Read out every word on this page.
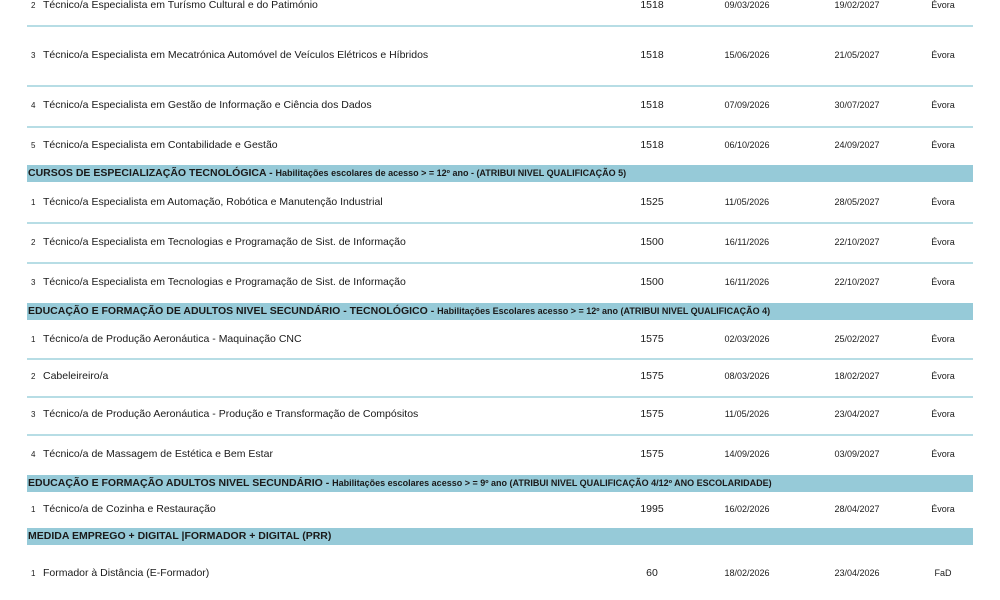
2 Técnico/a Especialista em Turísmo Cultural e do Patimónio	1518	09/03/2026	19/02/2027	Évora
3 Técnico/a Especialista em Mecatrónica Automóvel de Veículos Elétricos e Híbridos	1518	15/06/2026	21/05/2027	Évora
4 Técnico/a Especialista em Gestão de Informação e Ciência dos Dados	1518	07/09/2026	30/07/2027	Évora
5 Técnico/a Especialista em Contabilidade e Gestão	1518	06/10/2026	24/09/2027	Évora
CURSOS DE ESPECIALIZAÇÃO TECNOLÓGICA - Habilitações escolares de acesso > = 12º ano - (ATRIBUI NIVEL QUALIFICAÇÃO 5)
1 Técnico/a Especialista em Automação, Robótica e Manutenção Industrial	1525	11/05/2026	28/05/2027	Évora
2 Técnico/a Especialista em Tecnologias e Programação de Sist. de Informação	1500	16/11/2026	22/10/2027	Évora
3 Técnico/a Especialista em Tecnologias e Programação de Sist. de Informação	1500	16/11/2026	22/10/2027	Évora
EDUCAÇÃO E FORMAÇÃO DE ADULTOS NIVEL SECUNDÁRIO - TECNOLÓGICO - Habilitações Escolares acesso > = 12º ano (ATRIBUI NIVEL QUALIFICAÇÃO 4)
1 Técnico/a de Produção Aeronáutica - Maquinação CNC	1575	02/03/2026	25/02/2027	Évora
2 Cabeleireiro/a	1575	08/03/2026	18/02/2027	Évora
3 Técnico/a de Produção Aeronáutica - Produção e Transformação de Compósitos	1575	11/05/2026	23/04/2027	Évora
4 Técnico/a de Massagem de Estética e Bem Estar	1575	14/09/2026	03/09/2027	Évora
EDUCAÇÃO E FORMAÇÃO ADULTOS NIVEL SECUNDÁRIO - Habilitações escolares acesso > = 9º ano (ATRIBUI NIVEL QUALIFICAÇÃO 4/12º ANO ESCOLARIDADE)
1 Técnico/a de Cozinha e Restauração	1995	16/02/2026	28/04/2027	Évora
MEDIDA EMPREGO + DIGITAL |FORMADOR + DIGITAL (PRR)
1 Formador à Distância (E-Formador)	60	18/02/2026	23/04/2026	FaD
